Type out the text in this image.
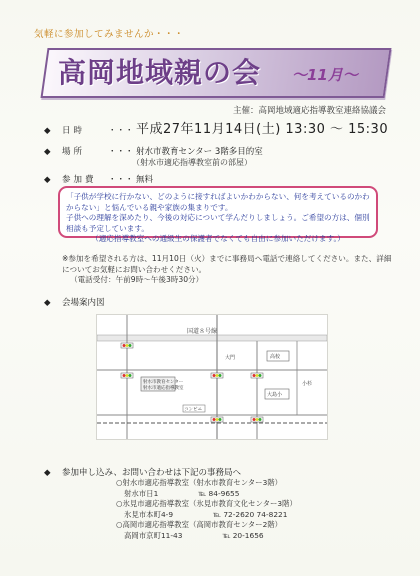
気軽に参加してみませんか・・・
高岡地域親の会 〜11月〜
主催：高岡地域適応指導教室連絡協議会
◆ 日時	・・・ 平成27年11月14日(土) 13:30 〜 15:30
◆ 場所	・・・ 射水市教育センター 3階多目的室
（射水市適応指導教室前の部屋）
◆ 参加費 ・・・ 無料

「子供が学校に行かない、どのように接すればよいかわからない、何を考えているのかわからない」と悩んでいる親や家族の集まりです。

子供への理解を深めたり、今後の対応について学んだりしましょう。ご希望の方は、個別相談も予定しています。

（適応指導教室への通級生の保護者でなくても自由に参加いただけます。）

※参加を希望される方は、11月10日（火）までに事務局へ電話で連絡してください。また、詳細についてお気軽にお問い合わせください。
（電話受付：午前9時〜午後3時30分）
◆ 会場案内図
国道８号線
射水市教育センター
射水市適応指導教室
高校
大島小
大門
小杉
コンビニ
◆ 参加申し込み、お問い合わせは下記の事務局へ
○射水市適応指導教室（射水市教育センター3階）
射水市日1	℡ 84-9655
○氷見市適応指導教室（氷見市教育文化センター3階）
氷見市本町4-9	℡ 72-2620 74-8221
○高岡市適応指導教室（高岡市教育センター2階）
高岡市京町11-43	℡ 20-1656
